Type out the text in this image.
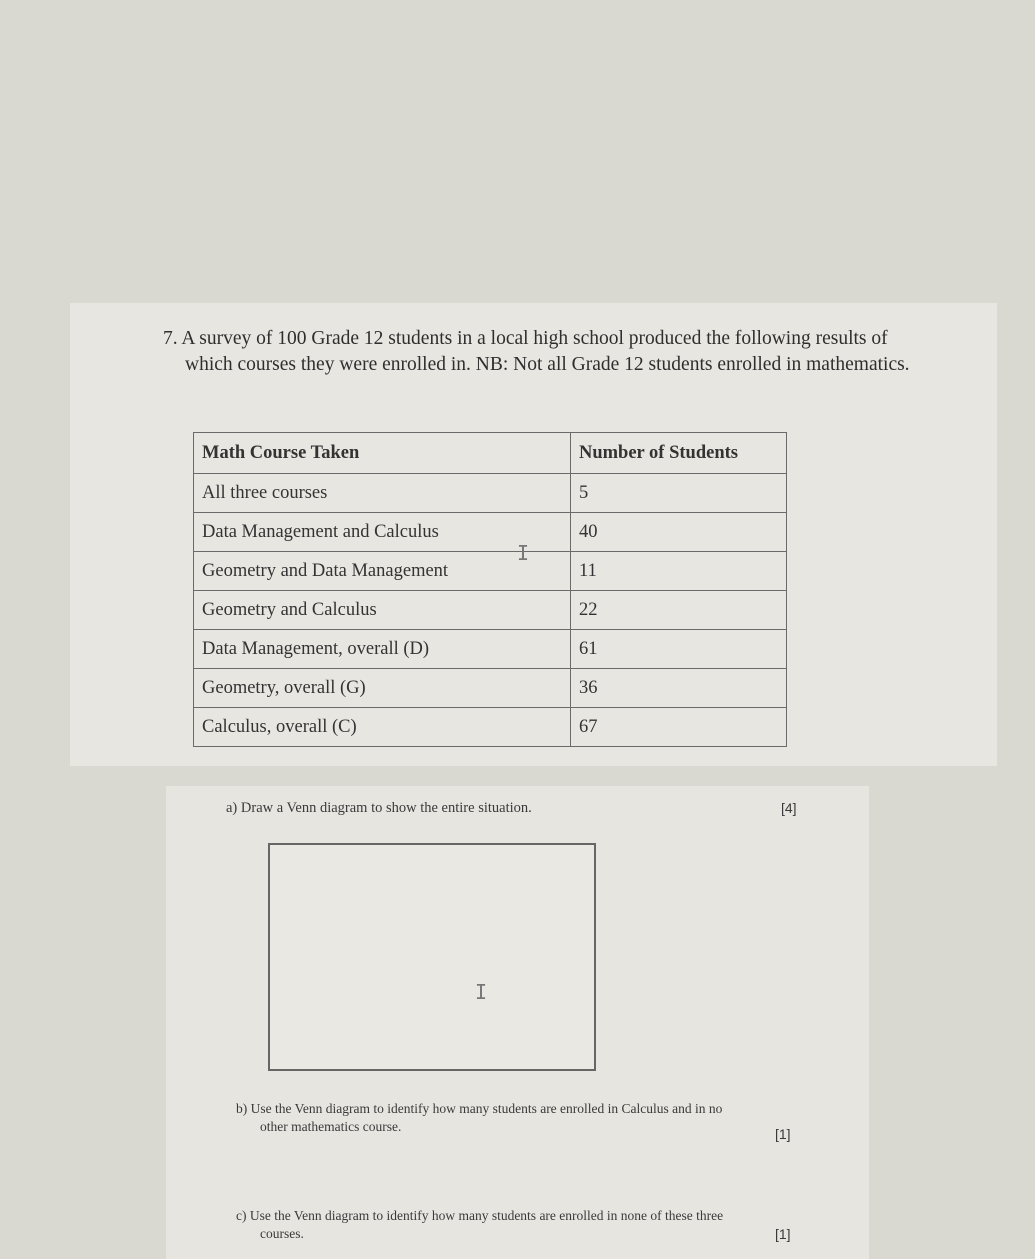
7. A survey of 100 Grade 12 students in a local high school produced the following results of
which courses they were enrolled in. NB: Not all Grade 12 students enrolled in mathematics.
Math Course Taken	Number of Students
All three courses	5
Data Management and Calculus	40
Geometry and Data Management	11
Geometry and Calculus	22
Data Management, overall (D)	61
Geometry, overall (G)	36
Calculus, overall (C)	67
I
a) Draw a Venn diagram to show the entire situation.	[4]
I
b) Use the Venn diagram to identify how many students are enrolled in Calculus and in no
other mathematics course.	[1]
c) Use the Venn diagram to identify how many students are enrolled in none of these three
courses.	[1]
